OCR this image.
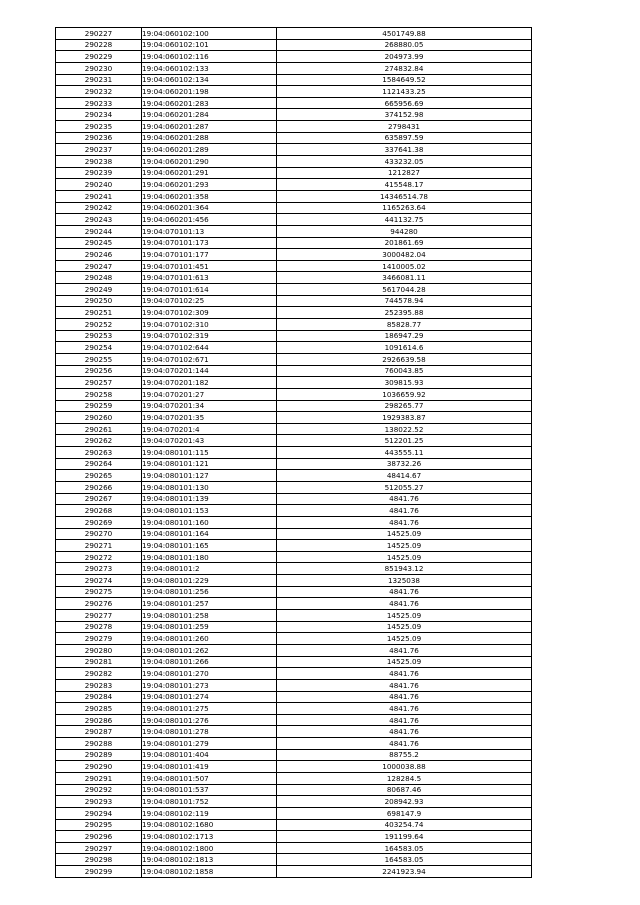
290227	19:04:060102:100	4501749.88
290228	19:04:060102:101	268880.05
290229	19:04:060102:116	204973.99
290230	19:04:060102:133	274832.84
290231	19:04:060102:134	1584649.52
290232	19:04:060201:198	1121433.25
290233	19:04:060201:283	665956.69
290234	19:04:060201:284	374152.98
290235	19:04:060201:287	2798431
290236	19:04:060201:288	635897.59
290237	19:04:060201:289	337641.38
290238	19:04:060201:290	433232.05
290239	19:04:060201:291	1212827
290240	19:04:060201:293	415548.17
290241	19:04:060201:358	14346514.78
290242	19:04:060201:364	1165263.64
290243	19:04:060201:456	441132.75
290244	19:04:070101:13	944280
290245	19:04:070101:173	201861.69
290246	19:04:070101:177	3000482.04
290247	19:04:070101:451	1410005.02
290248	19:04:070101:613	3466081.11
290249	19:04:070101:614	5617044.28
290250	19:04:070102:25	744578.94
290251	19:04:070102:309	252395.88
290252	19:04:070102:310	85828.77
290253	19:04:070102:319	186947.29
290254	19:04:070102:644	1091614.6
290255	19:04:070102:671	2926639.58
290256	19:04:070201:144	760043.85
290257	19:04:070201:182	309815.93
290258	19:04:070201:27	1036659.92
290259	19:04:070201:34	298265.77
290260	19:04:070201:35	1929383.87
290261	19:04:070201:4	138022.52
290262	19:04:070201:43	512201.25
290263	19:04:080101:115	443555.11
290264	19:04:080101:121	38732.26
290265	19:04:080101:127	48414.67
290266	19:04:080101:130	512055.27
290267	19:04:080101:139	4841.76
290268	19:04:080101:153	4841.76
290269	19:04:080101:160	4841.76
290270	19:04:080101:164	14525.09
290271	19:04:080101:165	14525.09
290272	19:04:080101:180	14525.09
290273	19:04:080101:2	851943.12
290274	19:04:080101:229	1325038
290275	19:04:080101:256	4841.76
290276	19:04:080101:257	4841.76
290277	19:04:080101:258	14525.09
290278	19:04:080101:259	14525.09
290279	19:04:080101:260	14525.09
290280	19:04:080101:262	4841.76
290281	19:04:080101:266	14525.09
290282	19:04:080101:270	4841.76
290283	19:04:080101:273	4841.76
290284	19:04:080101:274	4841.76
290285	19:04:080101:275	4841.76
290286	19:04:080101:276	4841.76
290287	19:04:080101:278	4841.76
290288	19:04:080101:279	4841.76
290289	19:04:080101:404	88755.2
290290	19:04:080101:419	1000038.88
290291	19:04:080101:507	128284.5
290292	19:04:080101:537	80687.46
290293	19:04:080101:752	208942.93
290294	19:04:080102:119	698147.9
290295	19:04:080102:1680	403254.74
290296	19:04:080102:1713	191199.64
290297	19:04:080102:1800	164583.05
290298	19:04:080102:1813	164583.05
290299	19:04:080102:1858	2241923.94
